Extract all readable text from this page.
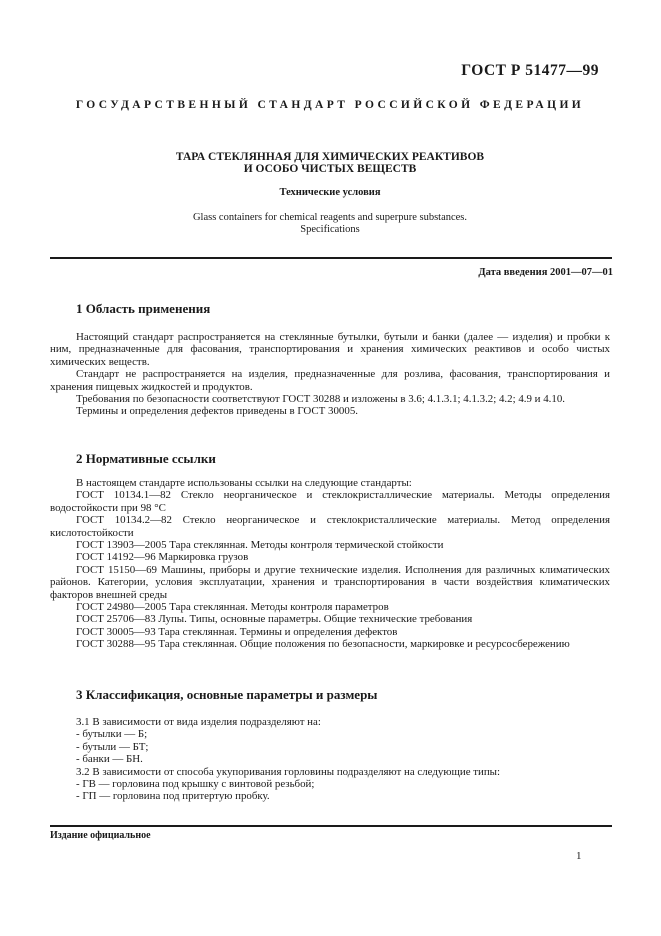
ГОСТ Р 51477—99
ГОСУДАРСТВЕННЫЙ СТАНДАРТ РОССИЙСКОЙ ФЕДЕРАЦИИ
ТАРА СТЕКЛЯННАЯ ДЛЯ ХИМИЧЕСКИХ РЕАКТИВОВ
И ОСОБО ЧИСТЫХ ВЕЩЕСТВ
Технические условия
Glass containers for chemical reagents and superpure substances.
Specifications
Дата введения 2001—07—01
1 Область применения

Настоящий стандарт распространяется на стеклянные бутылки, бутыли и банки (далее — изделия) и пробки к ним, предназначенные для фасования, транспортирования и хранения химических реактивов и особо чистых химических веществ.

Стандарт не распространяется на изделия, предназначенные для розлива, фасования, транспортирования и хранения пищевых жидкостей и продуктов.

Требования по безопасности соответствуют ГОСТ 30288 и изложены в 3.6; 4.1.3.1; 4.1.3.2; 4.2; 4.9 и 4.10.

Термины и определения дефектов приведены в ГОСТ 30005.

2 Нормативные ссылки

В настоящем стандарте использованы ссылки на следующие стандарты:

ГОСТ 10134.1—82 Стекло неорганическое и стеклокристаллические материалы. Методы определения водостойкости при 98 °С

ГОСТ 10134.2—82 Стекло неорганическое и стеклокристаллические материалы. Метод определения кислотостойкости

ГОСТ 13903—2005 Тара стеклянная. Методы контроля термической стойкости

ГОСТ 14192—96 Маркировка грузов

ГОСТ 15150—69 Машины, приборы и другие технические изделия. Исполнения для различных климатических районов. Категории, условия эксплуатации, хранения и транспортирования в части воздействия климатических факторов внешней среды

ГОСТ 24980—2005 Тара стеклянная. Методы контроля параметров

ГОСТ 25706—83 Лупы. Типы, основные параметры. Общие технические требования

ГОСТ 30005—93 Тара стеклянная. Термины и определения дефектов

ГОСТ 30288—95 Тара стеклянная. Общие положения по безопасности, маркировке и ресурсосбережению

3 Классификация, основные параметры и размеры

3.1 В зависимости от вида изделия подразделяют на:

- бутылки — Б;

- бутыли — БТ;

- банки — БН.

3.2 В зависимости от способа укупоривания горловины подразделяют на следующие типы:

- ГВ — горловина под крышку с винтовой резьбой;

- ГП — горловина под притертую пробку.

Издание официальное
1
